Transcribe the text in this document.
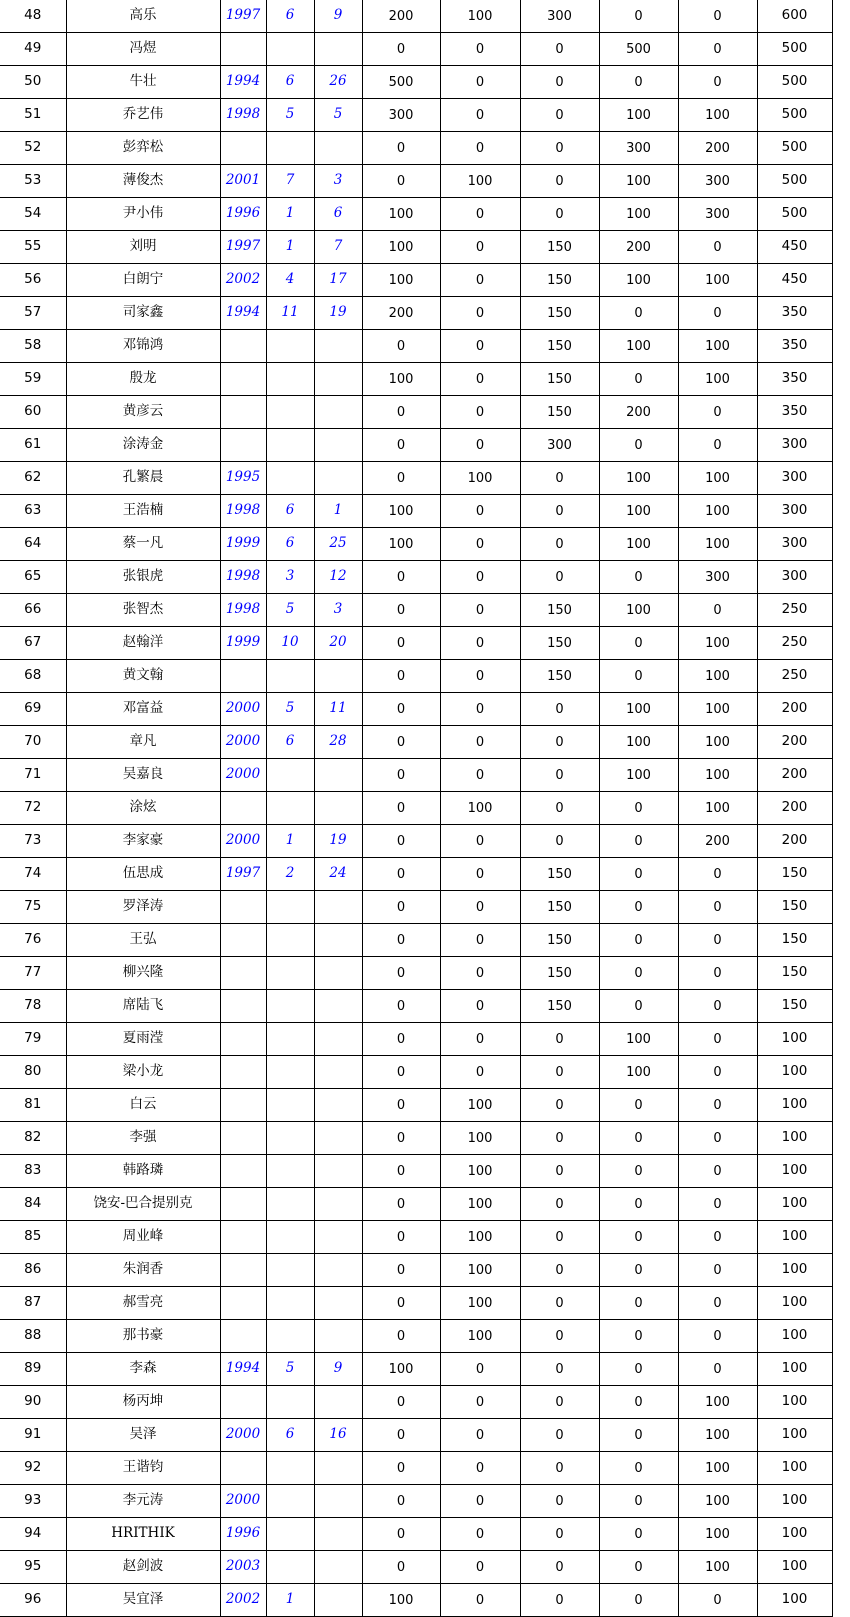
48	高乐	1997	6	9	200	100	300	0	0	600
49	冯煜				0	0	0	500	0	500
50	牛壮	1994	6	26	500	0	0	0	0	500
51	乔艺伟	1998	5	5	300	0	0	100	100	500
52	彭弈松				0	0	0	300	200	500
53	薄俊杰	2001	7	3	0	100	0	100	300	500
54	尹小伟	1996	1	6	100	0	0	100	300	500
55	刘明	1997	1	7	100	0	150	200	0	450
56	白朗宁	2002	4	17	100	0	150	100	100	450
57	司家鑫	1994	11	19	200	0	150	0	0	350
58	邓锦鸿				0	0	150	100	100	350
59	殷龙				100	0	150	0	100	350
60	黄彦云				0	0	150	200	0	350
61	涂涛金				0	0	300	0	0	300
62	孔繁晨	1995			0	100	0	100	100	300
63	王浩楠	1998	6	1	100	0	0	100	100	300
64	蔡一凡	1999	6	25	100	0	0	100	100	300
65	张银虎	1998	3	12	0	0	0	0	300	300
66	张智杰	1998	5	3	0	0	150	100	0	250
67	赵翰洋	1999	10	20	0	0	150	0	100	250
68	黄文翰				0	0	150	0	100	250
69	邓富益	2000	5	11	0	0	0	100	100	200
70	章凡	2000	6	28	0	0	0	100	100	200
71	吴嘉良	2000			0	0	0	100	100	200
72	涂炫				0	100	0	0	100	200
73	李家豪	2000	1	19	0	0	0	0	200	200
74	伍思成	1997	2	24	0	0	150	0	0	150
75	罗泽涛				0	0	150	0	0	150
76	王弘				0	0	150	0	0	150
77	柳兴隆				0	0	150	0	0	150
78	席陆飞				0	0	150	0	0	150
79	夏雨滢				0	0	0	100	0	100
80	梁小龙				0	0	0	100	0	100
81	白云				0	100	0	0	0	100
82	李强				0	100	0	0	0	100
83	韩路璘				0	100	0	0	0	100
84	饶安-巴合提别克				0	100	0	0	0	100
85	周业峰				0	100	0	0	0	100
86	朱润香				0	100	0	0	0	100
87	郝雪亮				0	100	0	0	0	100
88	那书豪				0	100	0	0	0	100
89	李森	1994	5	9	100	0	0	0	0	100
90	杨丙坤				0	0	0	0	100	100
91	吴泽	2000	6	16	0	0	0	0	100	100
92	王谐钧				0	0	0	0	100	100
93	李元涛	2000			0	0	0	0	100	100
94	HRITHIK	1996			0	0	0	0	100	100
95	赵剑波	2003			0	0	0	0	100	100
96	吴宜泽	2002	1		100	0	0	0	0	100
